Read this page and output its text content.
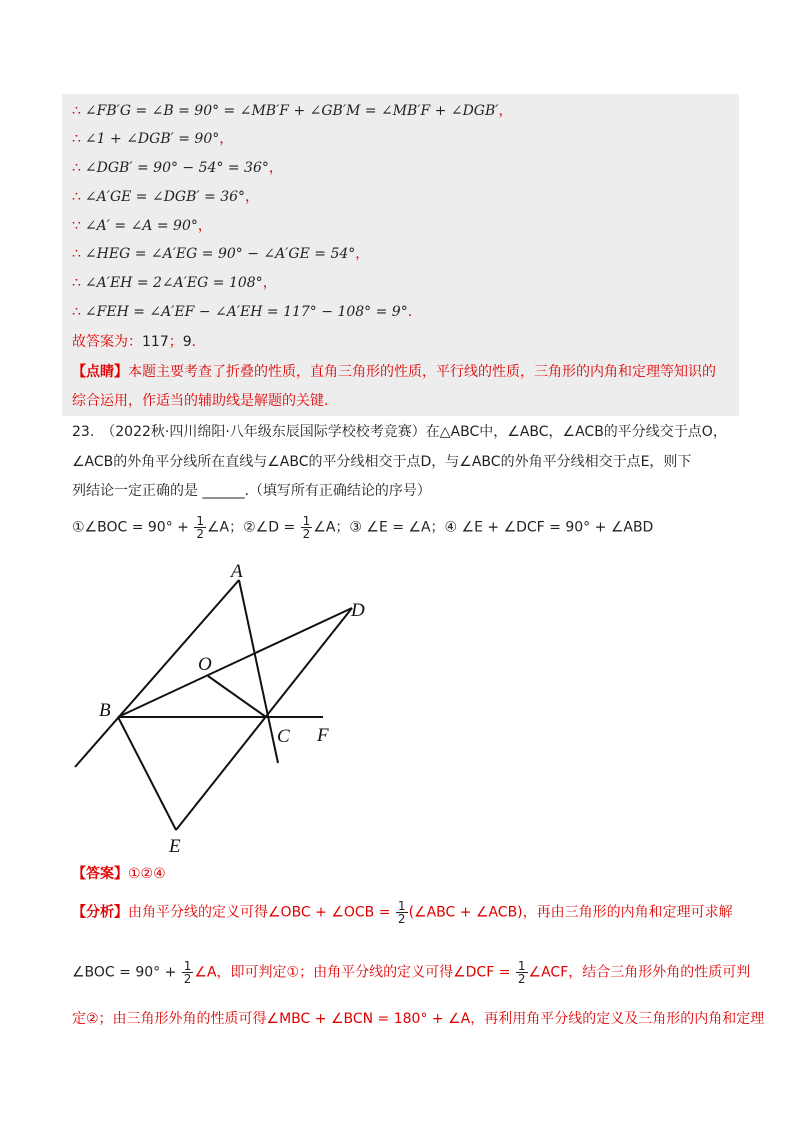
∴ ∠FB′G = ∠B = 90° = ∠MB′F + ∠GB′M = ∠MB′F + ∠DGB′，
∴ ∠1 + ∠DGB′ = 90°，
∴ ∠DGB′ = 90° − 54° = 36°，
∴ ∠A′GE = ∠DGB′ = 36°，
∵ ∠A′ = ∠A = 90°，
∴ ∠HEG = ∠A′EG = 90° − ∠A′GE = 54°，
∴ ∠A′EH = 2∠A′EG = 108°，
∴ ∠FEH = ∠A′EF − ∠A′EH = 117° − 108° = 9°．
故答案为：117；9．
【点睛】本题主要考查了折叠的性质，直角三角形的性质，平行线的性质，三角形的内角和定理等知识的
综合运用，作适当的辅助线是解题的关键.
23.　（2022秋·四川绵阳·八年级东辰国际学校校考竞赛）在△ABC中，∠ABC，∠ACB的平分线交于点O，
∠ACB的外角平分线所在直线与∠ABC的平分线相交于点D，与∠ABC的外角平分线相交于点E，则下
列结论一定正确的是 ______.（填写所有正确结论的序号）
①∠BOC = $90^\circ + \frac{1}{2}$ ∠A；②∠D = $\frac{1}{2}$ ∠A；③ ∠E = ∠A；④ ∠E + ∠DCF = 90° + ∠ABD
A
D
O
B
C F
E
【答案】①②④
【分析】由角平分线的定义可得∠OBC + ∠OCB = $\frac{1}{2}$ (∠ABC + ∠ACB)，再由三角形的内角和定理可求解
∠BOC = $90^\circ + \frac{1}{2}$ ∠A，即可判定①；由角平分线的定义可得∠DCF = $\frac{1}{2}$ ∠ACF，结合三角形外角的性质可判
定②；由三角形外角的性质可得∠MBC + ∠BCN = 180° + ∠A，再利用角平分线的定义及三角形的内角和定理
